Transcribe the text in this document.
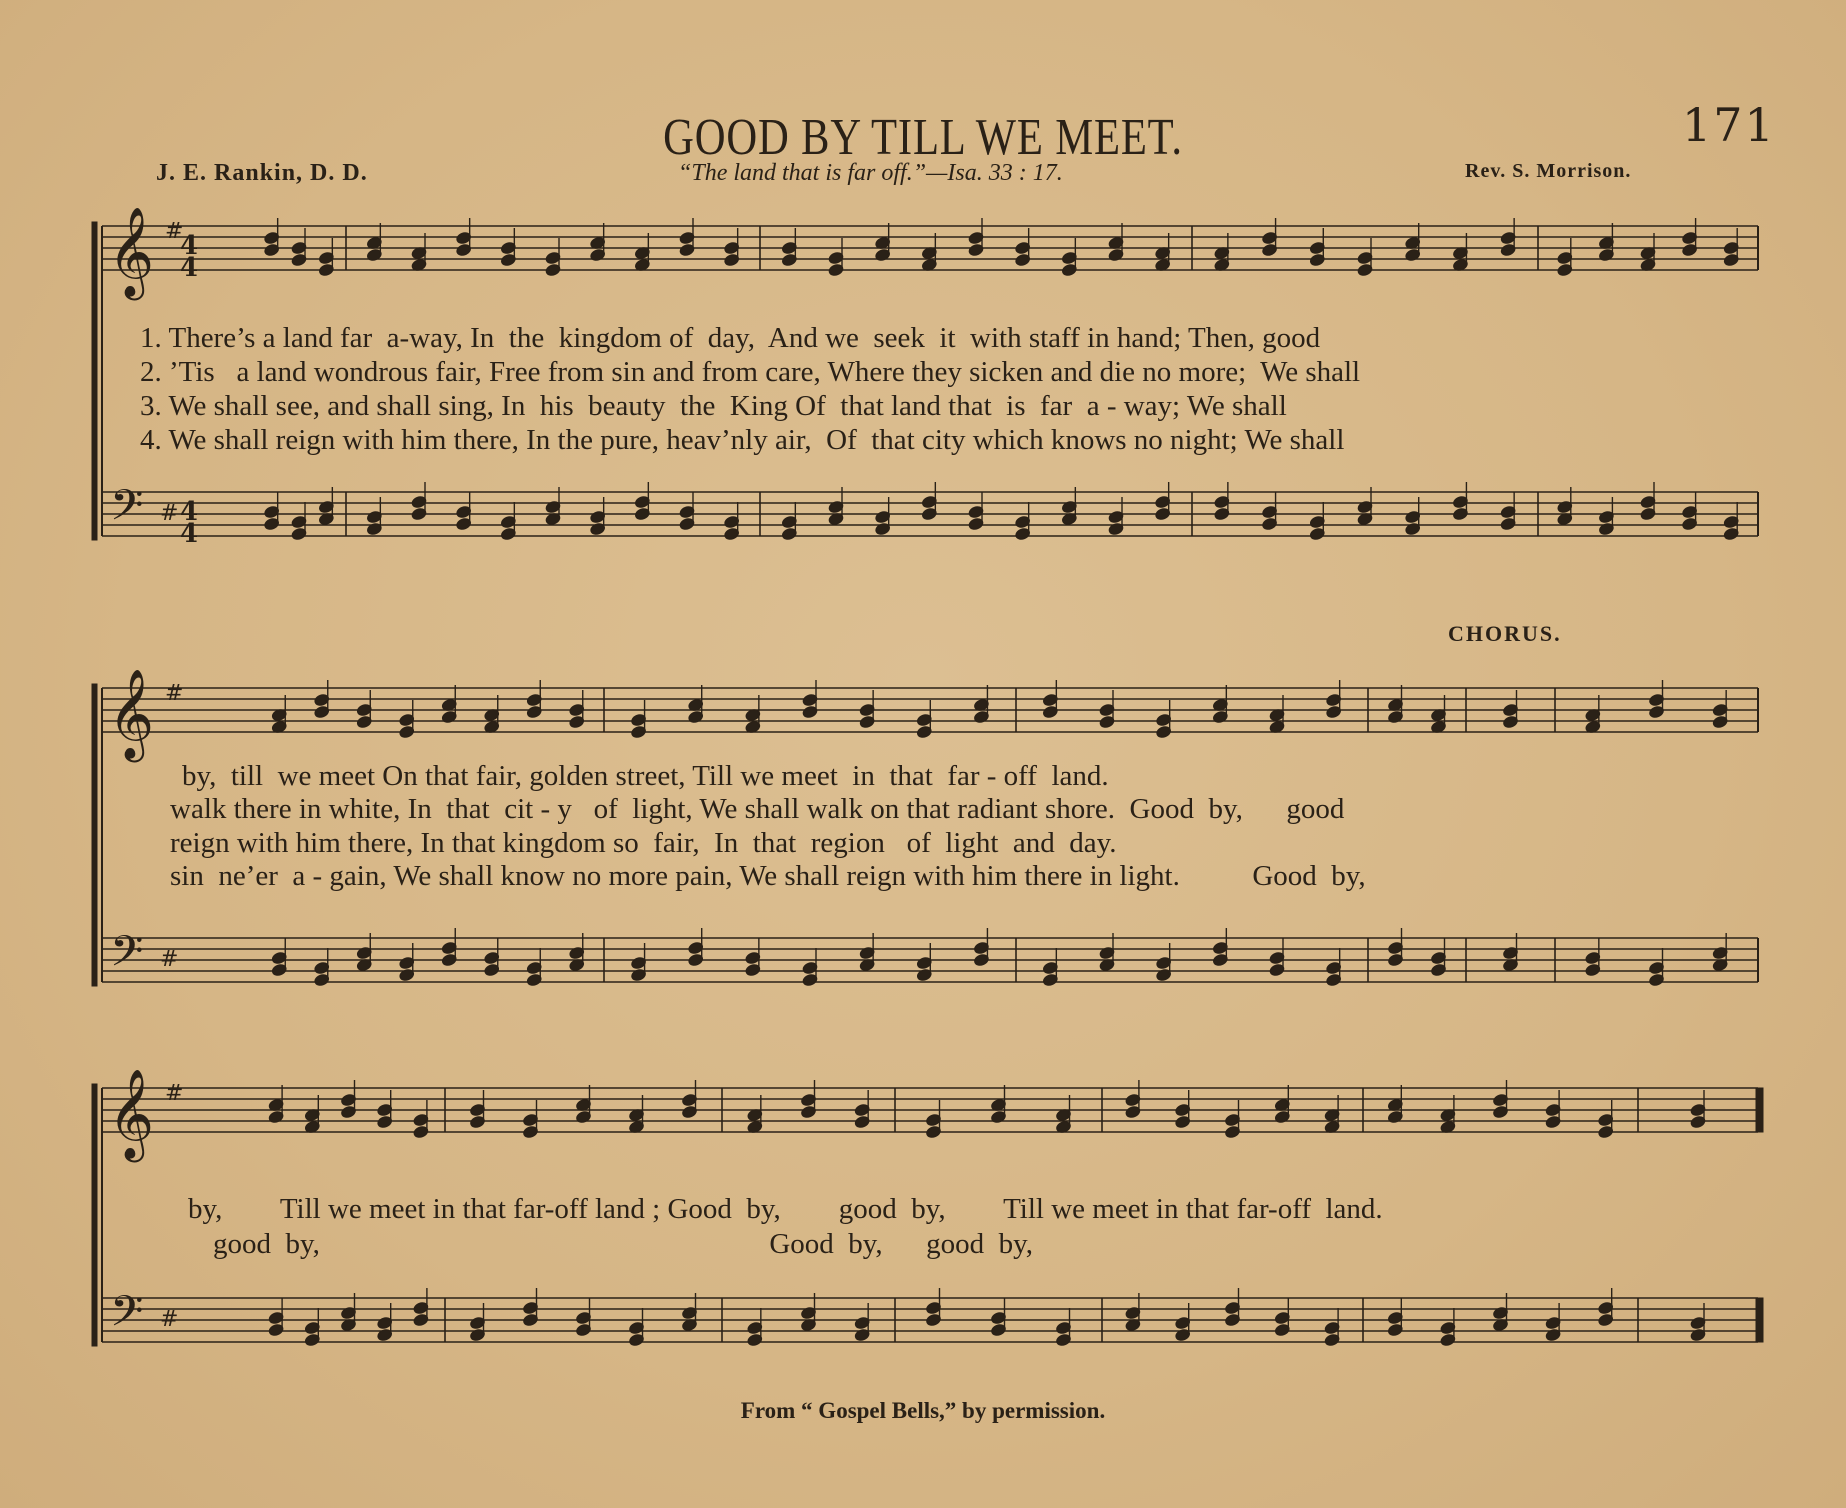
171
GOOD BY TILL WE MEET.
J. E. Rankin, D. D.	“The land that is far off.”—Isa. 33 : 17.	Rev. S. Morrison.
CHORUS.
𝄞
𝄢
𝄞
𝄢
𝄞
𝄢
#
#
#
#
#
#
4
4
4
4
1. There’s a land far  a-way, In  the  kingdom of  day,  And we  seek  it  with staff in hand; Then, good
2. ’Tis   a land wondrous fair, Free from sin and from care, Where they sicken and die no more;  We shall
3. We shall see, and shall sing, In  his  beauty  the  King Of  that land that  is  far  a - way; We shall
4. We shall reign with him there, In the pure, heav’nly air,  Of  that city which knows no night; We shall
by,  till  we meet On that fair, golden street, Till we meet  in  that  far - off  land.
walk there in white, In  that  cit - y   of  light, We shall walk on that radiant shore.  Good  by,      good
reign with him there, In that kingdom so  fair,  In  that  region   of  light  and  day.
sin  ne’er  a - gain, We shall know no more pain, We shall reign with him there in light.          Good  by,
by,        Till we meet in that far-off land ; Good  by,        good  by,        Till we meet in that far-off  land.
good  by,                                                              Good  by,      good  by,
From “ Gospel Bells,” by permission.
